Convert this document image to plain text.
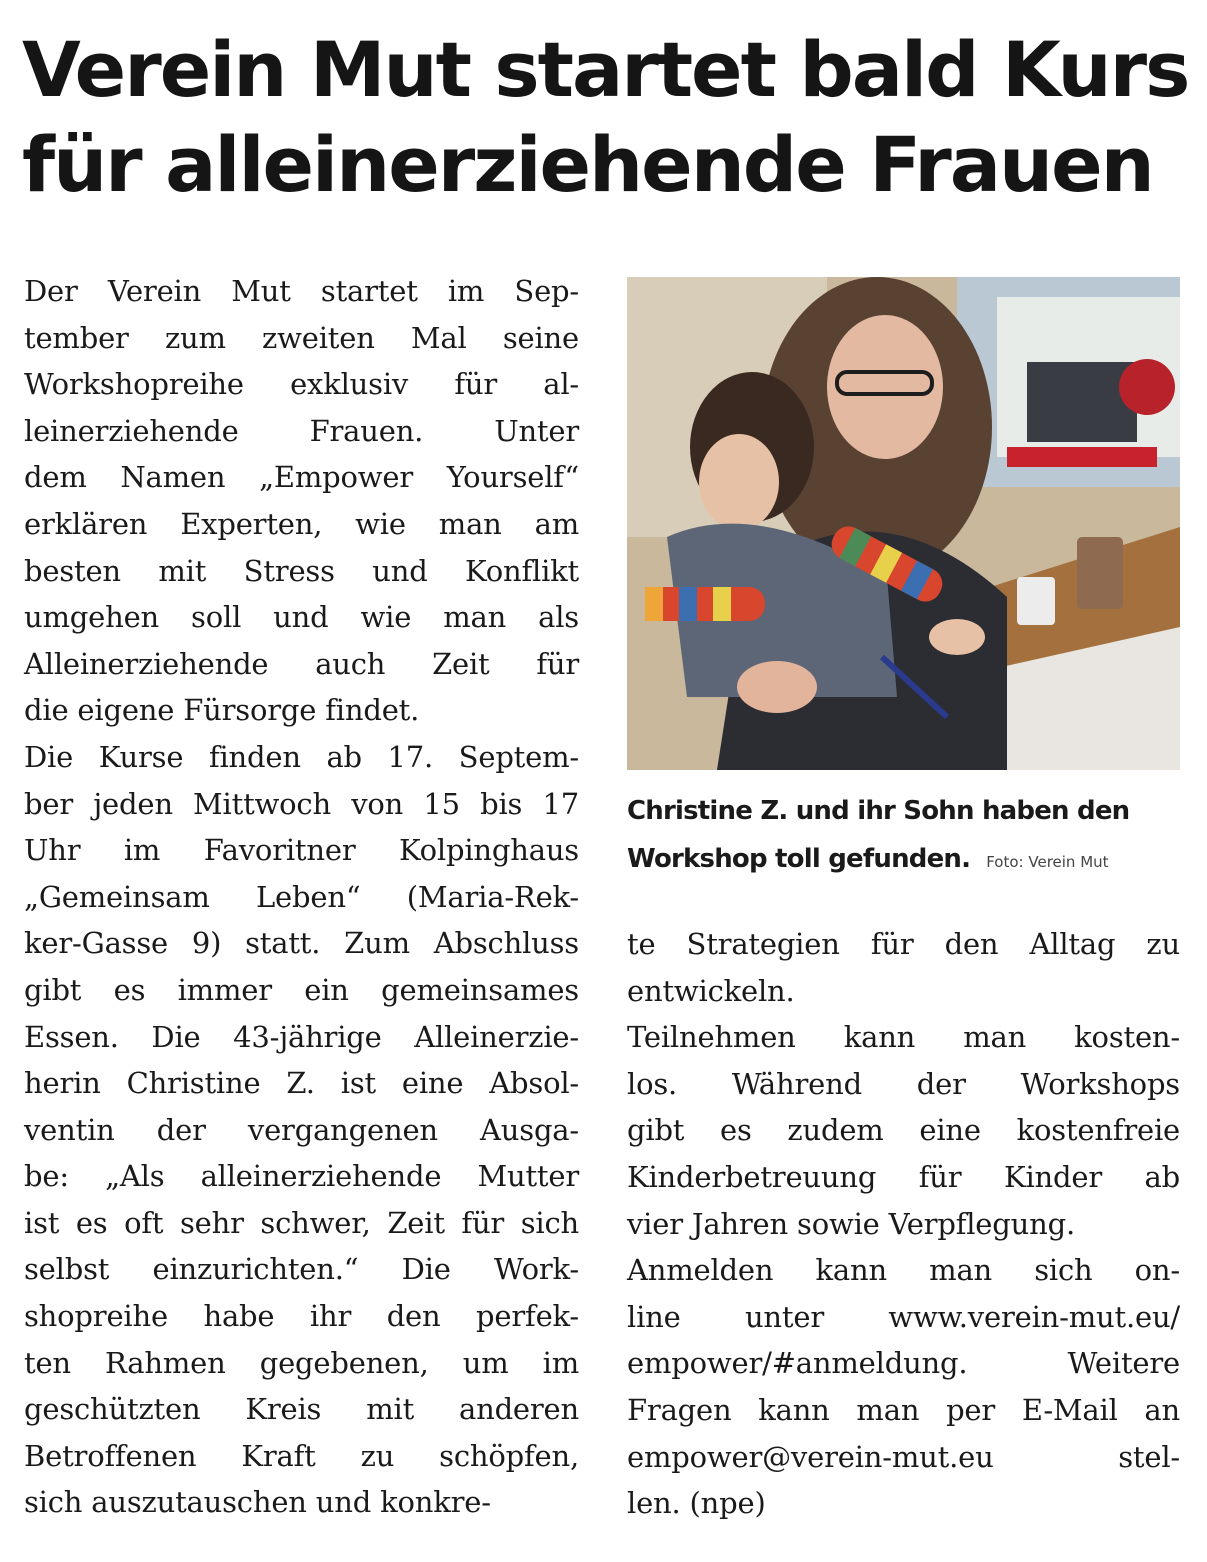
Verein Mut startet bald Kurs
für alleinerziehende Frauen
Der Verein Mut startet im Sep-
tember zum zweiten Mal seine
Workshopreihe exklusiv für al-
leinerziehende Frauen. Unter
dem Namen „Empower Yourself“
erklären Experten, wie man am
besten mit Stress und Konflikt
umgehen soll und wie man als
Alleinerziehende auch Zeit für
die eigene Fürsorge findet.
Die Kurse finden ab 17. Septem-
ber jeden Mittwoch von 15 bis 17
Uhr im Favoritner Kolpinghaus
„Gemeinsam Leben“ (Maria-Rek-
ker-Gasse 9) statt. Zum Abschluss
gibt es immer ein gemeinsames
Essen. Die 43-jährige Alleinerzie-
herin Christine Z. ist eine Absol-
ventin der vergangenen Ausga-
be: „Als alleinerziehende Mutter
ist es oft sehr schwer, Zeit für sich
selbst einzurichten.“ Die Work-
shopreihe habe ihr den perfek-
ten Rahmen gegebenen, um im
geschützten Kreis mit anderen
Betroffenen Kraft zu schöpfen,
sich auszutauschen und konkre-
Christine Z. und ihr Sohn haben den
Workshop toll gefunden. Foto: Verein Mut
te Strategien für den Alltag zu
entwickeln.
Teilnehmen kann man kosten-
los. Während der Workshops
gibt es zudem eine kostenfreie
Kinderbetreuung für Kinder ab
vier Jahren sowie Verpflegung.
Anmelden kann man sich on-
line unter www.verein-mut.eu/
empower/#anmeldung. Weitere
Fragen kann man per E-Mail an
empower@verein-mut.eu stel-
len. (npe)
